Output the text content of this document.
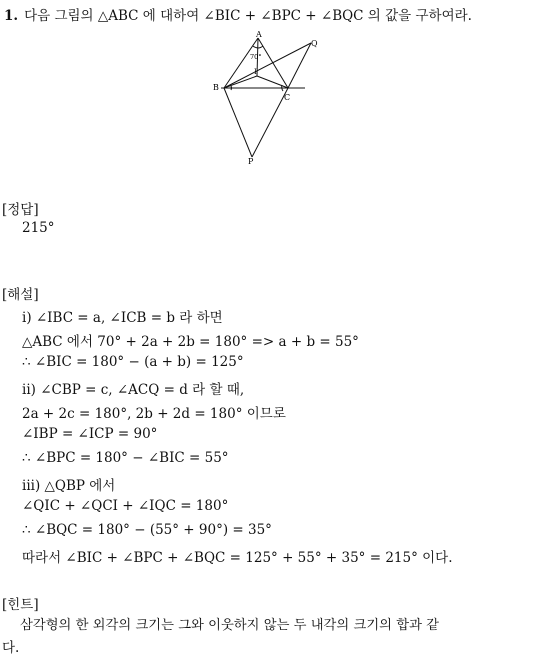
1. 다음 그림의 △ABC 에 대하여 ∠BIC + ∠BPC + ∠BQC 의 값을 구하여라.
A
Q
B
C
I
P
70°
[정답]
215°
[해설]
i) ∠IBC = a, ∠ICB = b 라 하면
△ABC 에서 70° + 2a + 2b = 180° => a + b = 55°
∴ ∠BIC = 180° − (a + b) = 125°
ii) ∠CBP = c, ∠ACQ = d 라 할 때,
2a + 2c = 180°, 2b + 2d = 180° 이므로
∠IBP = ∠ICP = 90°
∴ ∠BPC = 180° − ∠BIC = 55°
iii) △QBP 에서
∠QIC + ∠QCI + ∠IQC = 180°
∴ ∠BQC = 180° − (55° + 90°) = 35°
따라서 ∠BIC + ∠BPC + ∠BQC = 125° + 55° + 35° = 215° 이다.
[힌트]
삼각형의 한 외각의 크기는 그와 이웃하지 않는 두 내각의 크기의 합과 같
다.
